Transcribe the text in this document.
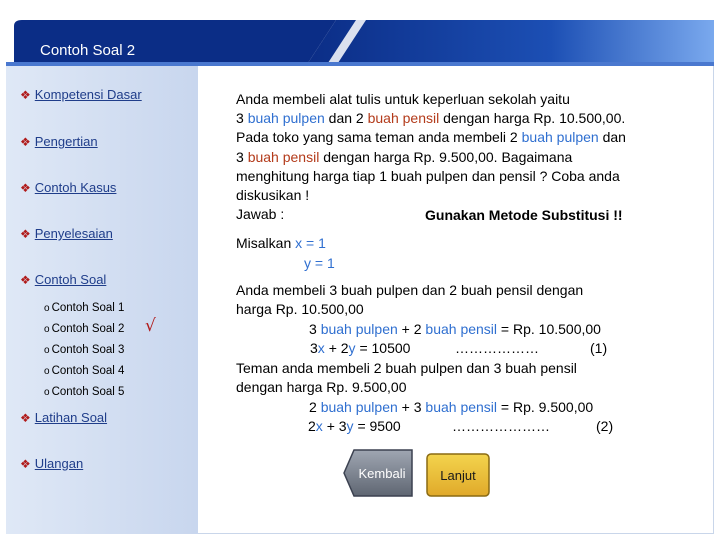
Contoh Soal 2
❖ Kompetensi Dasar
❖ Pengertian
❖ Contoh Kasus
❖ Penyelesaian
❖ Contoh Soal
o Contoh Soal 1
o Contoh Soal 2 √
o Contoh Soal 3
o Contoh Soal 4
o Contoh Soal 5
❖ Latihan Soal
❖ Ulangan
Anda membeli alat tulis untuk keperluan sekolah yaitu
3 buah pulpen dan 2 buah pensil dengan harga Rp. 10.500,00.
Pada toko yang sama teman anda membeli 2 buah pulpen dan
3 buah pensil dengan harga Rp. 9.500,00. Bagaimana
menghitung harga tiap 1 buah pulpen dan pensil ? Coba anda
diskusikan !
Jawab :	Gunakan Metode Substitusi !!
Misalkan x = 1
y = 1
Anda membeli 3 buah pulpen dan 2 buah pensil dengan
harga Rp. 10.500,00
3 buah pulpen + 2 buah pensil = Rp. 10.500,00
3x + 2y = 10500	………………	(1)
Teman anda membeli 2 buah pulpen dan 3 buah pensil
dengan harga Rp. 9.500,00
2 buah pulpen + 3 buah pensil = Rp. 9.500,00
2x + 3y = 9500	…………………	(2)
Kembali	Lanjut
